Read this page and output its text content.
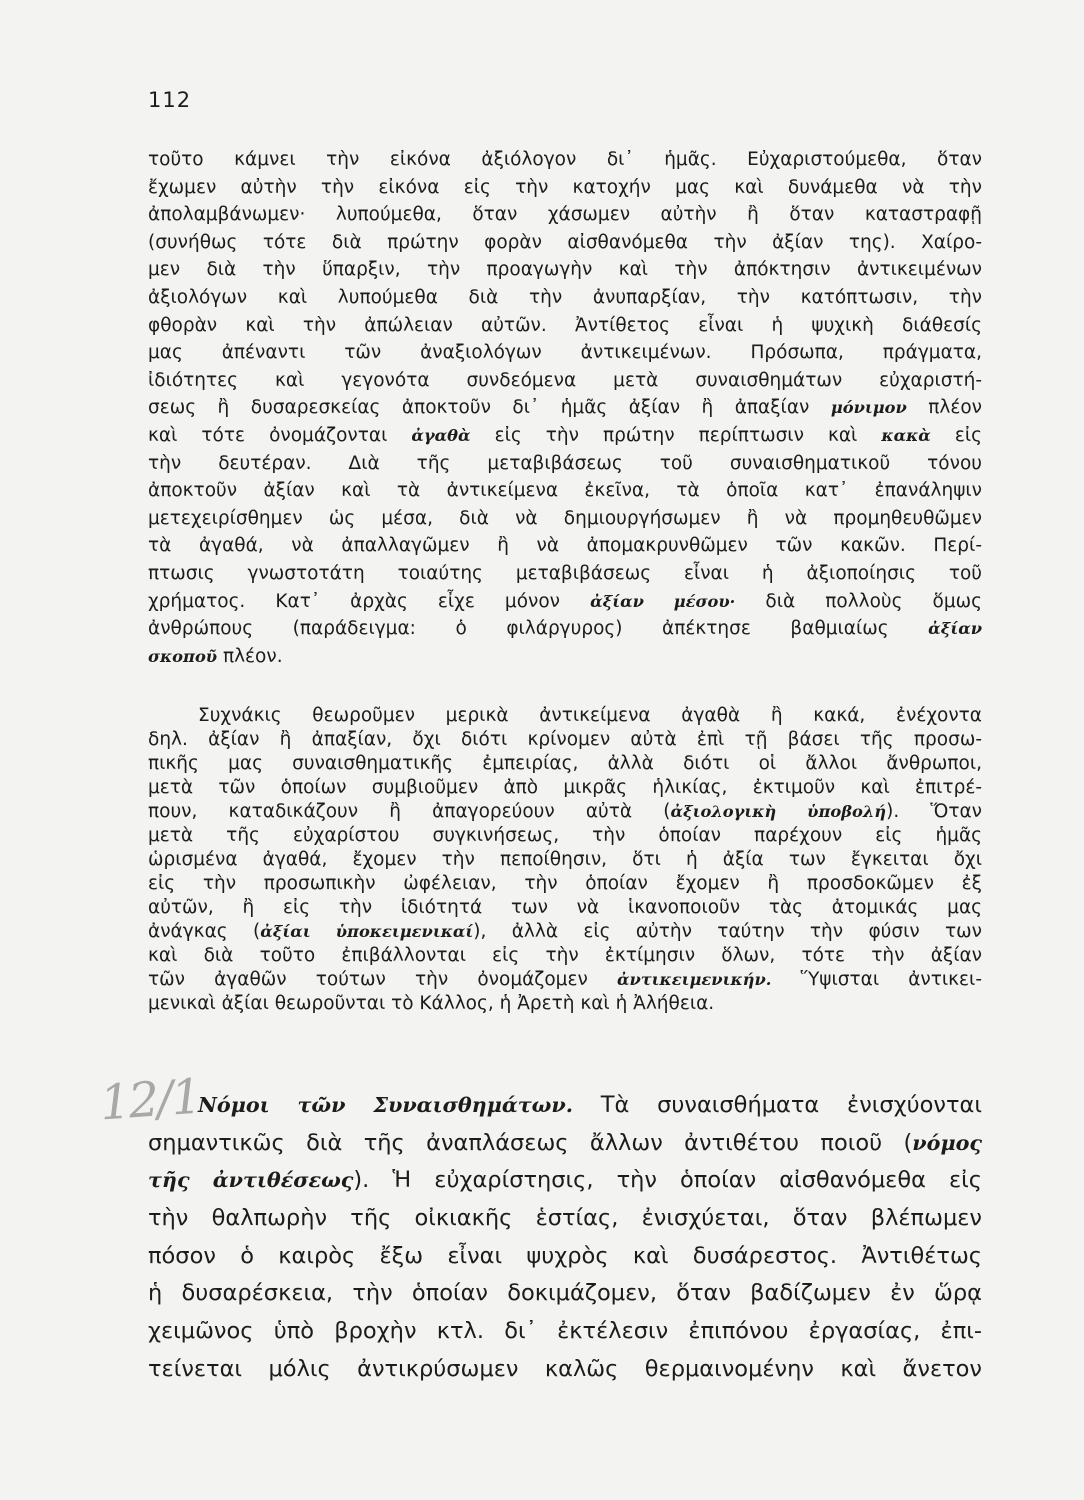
112
12/1
τοῦτο κάμνει τὴν εἰκόνα ἀξιόλογον δι᾽ ἡμᾶς. Εὐχαριστούμεθα, ὅταν
ἔχωμεν αὐτὴν τὴν εἰκόνα εἰς τὴν κατοχήν μας καὶ δυνάμεθα νὰ τὴν
ἀπολαμβάνωμεν· λυπούμεθα, ὅταν χάσωμεν αὐτὴν ἢ ὅταν καταστραφῇ
(συνήθως τότε διὰ πρώτην φορὰν αἰσθανόμεθα τὴν ἀξίαν της). Χαίρο-
μεν διὰ τὴν ὕπαρξιν, τὴν προαγωγὴν καὶ τὴν ἀπόκτησιν ἀντικειμένων
ἀξιολόγων καὶ λυπούμεθα διὰ τὴν ἀνυπαρξίαν, τὴν κατόπτωσιν, τὴν
φθορὰν καὶ τὴν ἀπώλειαν αὐτῶν. Ἀντίθετος εἶναι ἡ ψυχικὴ διάθεσίς
μας ἀπέναντι τῶν ἀναξιολόγων ἀντικειμένων. Πρόσωπα, πράγματα,
ἰδιότητες καὶ γεγονότα συνδεόμενα μετὰ συναισθημάτων εὐχαριστή-
σεως ἢ δυσαρεσκείας ἀποκτοῦν δι᾽ ἡμᾶς ἀξίαν ἢ ἀπαξίαν μόνιμον πλέον
καὶ τότε ὀνομάζονται ἀγαθὰ εἰς τὴν πρώτην περίπτωσιν καὶ κακὰ εἰς
τὴν δευτέραν. Διὰ τῆς μεταβιβάσεως τοῦ συναισθηματικοῦ τόνου
ἀποκτοῦν ἀξίαν καὶ τὰ ἀντικείμενα ἐκεῖνα, τὰ ὁποῖα κατ᾽ ἐπανάληψιν
μετεχειρίσθημεν ὡς μέσα, διὰ νὰ δημιουργήσωμεν ἢ νὰ προμηθευθῶμεν
τὰ ἀγαθά, νὰ ἀπαλλαγῶμεν ἢ νὰ ἀπομακρυνθῶμεν τῶν κακῶν. Περί-
πτωσις γνωστοτάτη τοιαύτης μεταβιβάσεως εἶναι ἡ ἀξιοποίησις τοῦ
χρήματος. Κατ᾽ ἀρχὰς εἶχε μόνον ἀξίαν μέσου· διὰ πολλοὺς ὅμως
ἀνθρώπους (παράδειγμα: ὁ φιλάργυρος) ἀπέκτησε βαθμιαίως ἀξίαν
σκοποῦ πλέον.
Συχνάκις θεωροῦμεν μερικὰ ἀντικείμενα ἀγαθὰ ἢ κακά, ἐνέχοντα
δηλ. ἀξίαν ἢ ἀπαξίαν, ὄχι διότι κρίνομεν αὐτὰ ἐπὶ τῇ βάσει τῆς προσω-
πικῆς μας συναισθηματικῆς ἐμπειρίας, ἀλλὰ διότι οἱ ἄλλοι ἄνθρωποι,
μετὰ τῶν ὁποίων συμβιοῦμεν ἀπὸ μικρᾶς ἡλικίας, ἐκτιμοῦν καὶ ἐπιτρέ-
πουν, καταδικάζουν ἢ ἀπαγορεύουν αὐτὰ (ἀξιολογικὴ ὑποβολή). Ὅταν
μετὰ τῆς εὐχαρίστου συγκινήσεως, τὴν ὁποίαν παρέχουν εἰς ἡμᾶς
ὡρισμένα ἀγαθά, ἔχομεν τὴν πεποίθησιν, ὅτι ἡ ἀξία των ἔγκειται ὄχι
εἰς τὴν προσωπικὴν ὠφέλειαν, τὴν ὁποίαν ἔχομεν ἢ προσδοκῶμεν ἐξ
αὐτῶν, ἢ εἰς τὴν ἰδιότητά των νὰ ἱκανοποιοῦν τὰς ἀτομικάς μας
ἀνάγκας (ἀξίαι ὑποκειμενικαί), ἀλλὰ εἰς αὐτὴν ταύτην τὴν φύσιν των
καὶ διὰ τοῦτο ἐπιβάλλονται εἰς τὴν ἐκτίμησιν ὅλων, τότε τὴν ἀξίαν
τῶν ἀγαθῶν τούτων τὴν ὀνομάζομεν ἀντικειμενικήν. Ὕψισται ἀντικει-
μενικαὶ ἀξίαι θεωροῦνται τὸ Κάλλος, ἡ Ἀρετὴ καὶ ἡ Ἀλήθεια.
Νόμοι τῶν Συναισθημάτων. Τὰ συναισθήματα ἐνισχύονται
σημαντικῶς διὰ τῆς ἀναπλάσεως ἄλλων ἀντιθέτου ποιοῦ (νόμος
τῆς ἀντιθέσεως). Ἡ εὐχαρίστησις, τὴν ὁποίαν αἰσθανόμεθα εἰς
τὴν θαλπωρὴν τῆς οἰκιακῆς ἑστίας, ἐνισχύεται, ὅταν βλέπωμεν
πόσον ὁ καιρὸς ἔξω εἶναι ψυχρὸς καὶ δυσάρεστος. Ἀντιθέτως
ἡ δυσαρέσκεια, τὴν ὁποίαν δοκιμάζομεν, ὅταν βαδίζωμεν ἐν ὥρᾳ
χειμῶνος ὑπὸ βροχὴν κτλ. δι᾽ ἐκτέλεσιν ἐπιπόνου ἐργασίας, ἐπι-
τείνεται μόλις ἀντικρύσωμεν καλῶς θερμαινομένην καὶ ἄνετον
